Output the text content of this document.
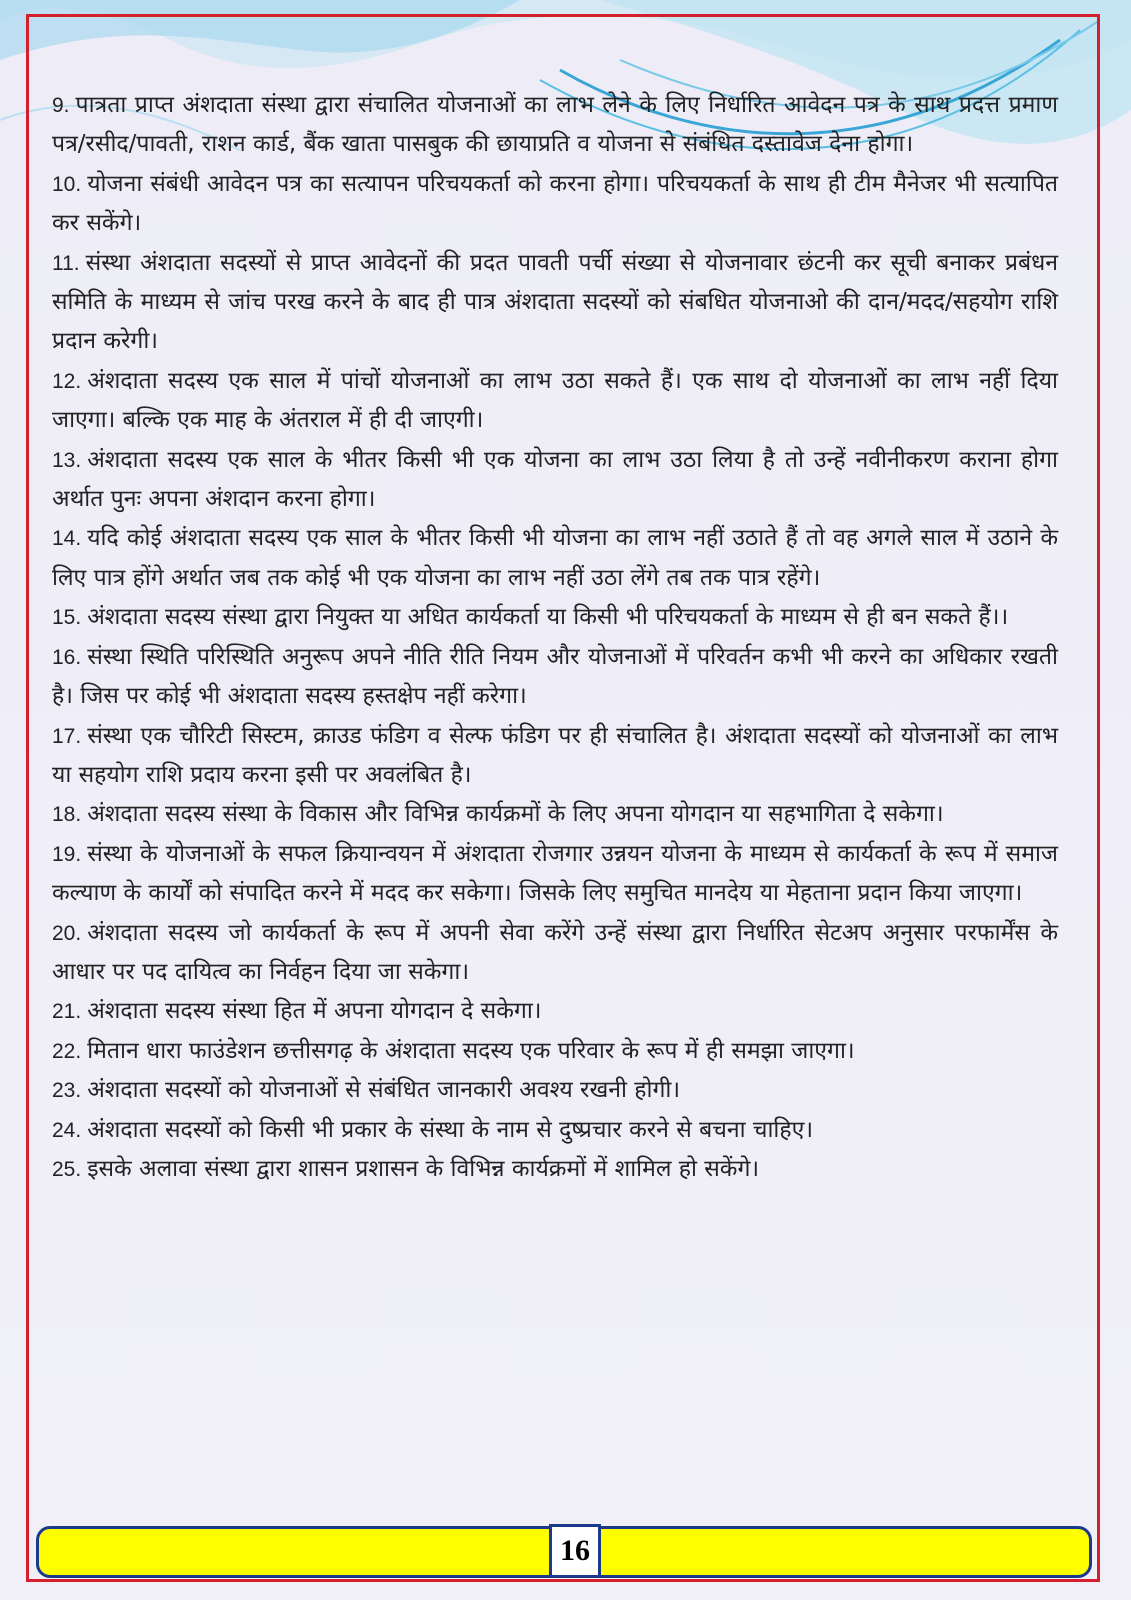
9. पात्रता प्राप्त अंशदाता संस्था द्वारा संचालित योजनाओं का लाभ लेने के लिए निर्धारित आवेदन पत्र के साथ प्रदत्त प्रमाण पत्र/रसीद/पावती, राशन कार्ड, बैंक खाता पासबुक की छायाप्रति व योजना से संबंधित दस्तावेज देना होगा।

10. योजना संबंधी आवेदन पत्र का सत्यापन परिचयकर्ता को करना होगा। परिचयकर्ता के साथ ही टीम मैनेजर भी सत्यापित कर सकेंगे।

11. संस्था अंशदाता सदस्यों से प्राप्त आवेदनों की प्रदत पावती पर्ची संख्या से योजनावार छंटनी कर सूची बनाकर प्रबंधन समिति के माध्यम से जांच परख करने के बाद ही पात्र अंशदाता सदस्यों को संबधित योजनाओ की दान/मदद/सहयोग राशि प्रदान करेगी।

12. अंशदाता सदस्य एक साल में पांचों योजनाओं का लाभ उठा सकते हैं। एक साथ दो योजनाओं का लाभ नहीं दिया जाएगा। बल्कि एक माह के अंतराल में ही दी जाएगी।

13. अंशदाता सदस्य एक साल के भीतर किसी भी एक योजना का लाभ उठा लिया है तो उन्हें नवीनीकरण कराना होगा अर्थात पुनः अपना अंशदान करना होगा।

14. यदि कोई अंशदाता सदस्य एक साल के भीतर किसी भी योजना का लाभ नहीं उठाते हैं तो वह अगले साल में उठाने के लिए पात्र होंगे अर्थात जब तक कोई भी एक योजना का लाभ नहीं उठा लेंगे तब तक पात्र रहेंगे।

15. अंशदाता सदस्य संस्था द्वारा नियुक्त या अधित कार्यकर्ता या किसी भी परिचयकर्ता के माध्यम से ही बन सकते हैं।।

16. संस्था स्थिति परिस्थिति अनुरूप अपने नीति रीति नियम और योजनाओं में परिवर्तन कभी भी करने का अधिकार रखती है। जिस पर कोई भी अंशदाता सदस्य हस्तक्षेप नहीं करेगा।

17. संस्था एक चौरिटी सिस्टम, क्राउड फंडिग व सेल्फ फंडिग पर ही संचालित है। अंशदाता सदस्यों को योजनाओं का लाभ या सहयोग राशि प्रदाय करना इसी पर अवलंबित है।

18. अंशदाता सदस्य संस्था के विकास और विभिन्न कार्यक्रमों के लिए अपना योगदान या सहभागिता दे सकेगा।

19. संस्था के योजनाओं के सफल क्रियान्वयन में अंशदाता रोजगार उन्नयन योजना के माध्यम से कार्यकर्ता के रूप में समाज कल्याण के कार्यों को संपादित करने में मदद कर सकेगा। जिसके लिए समुचित मानदेय या मेहताना प्रदान किया जाएगा।

20. अंशदाता सदस्य जो कार्यकर्ता के रूप में अपनी सेवा करेंगे उन्हें संस्था द्वारा निर्धारित सेटअप अनुसार परफार्मेंस के आधार पर पद दायित्व का निर्वहन दिया जा सकेगा।

21. अंशदाता सदस्य संस्था हित में अपना योगदान दे सकेगा।

22. मितान धारा फाउंडेशन छत्तीसगढ़ के अंशदाता सदस्य एक परिवार के रूप में ही समझा जाएगा।

23. अंशदाता सदस्यों को योजनाओं से संबंधित जानकारी अवश्य रखनी होगी।

24. अंशदाता सदस्यों को किसी भी प्रकार के संस्था के नाम से दुष्प्रचार करने से बचना चाहिए।

25. इसके अलावा संस्था द्वारा शासन प्रशासन के विभिन्न कार्यक्रमों में शामिल हो सकेंगे।

16
